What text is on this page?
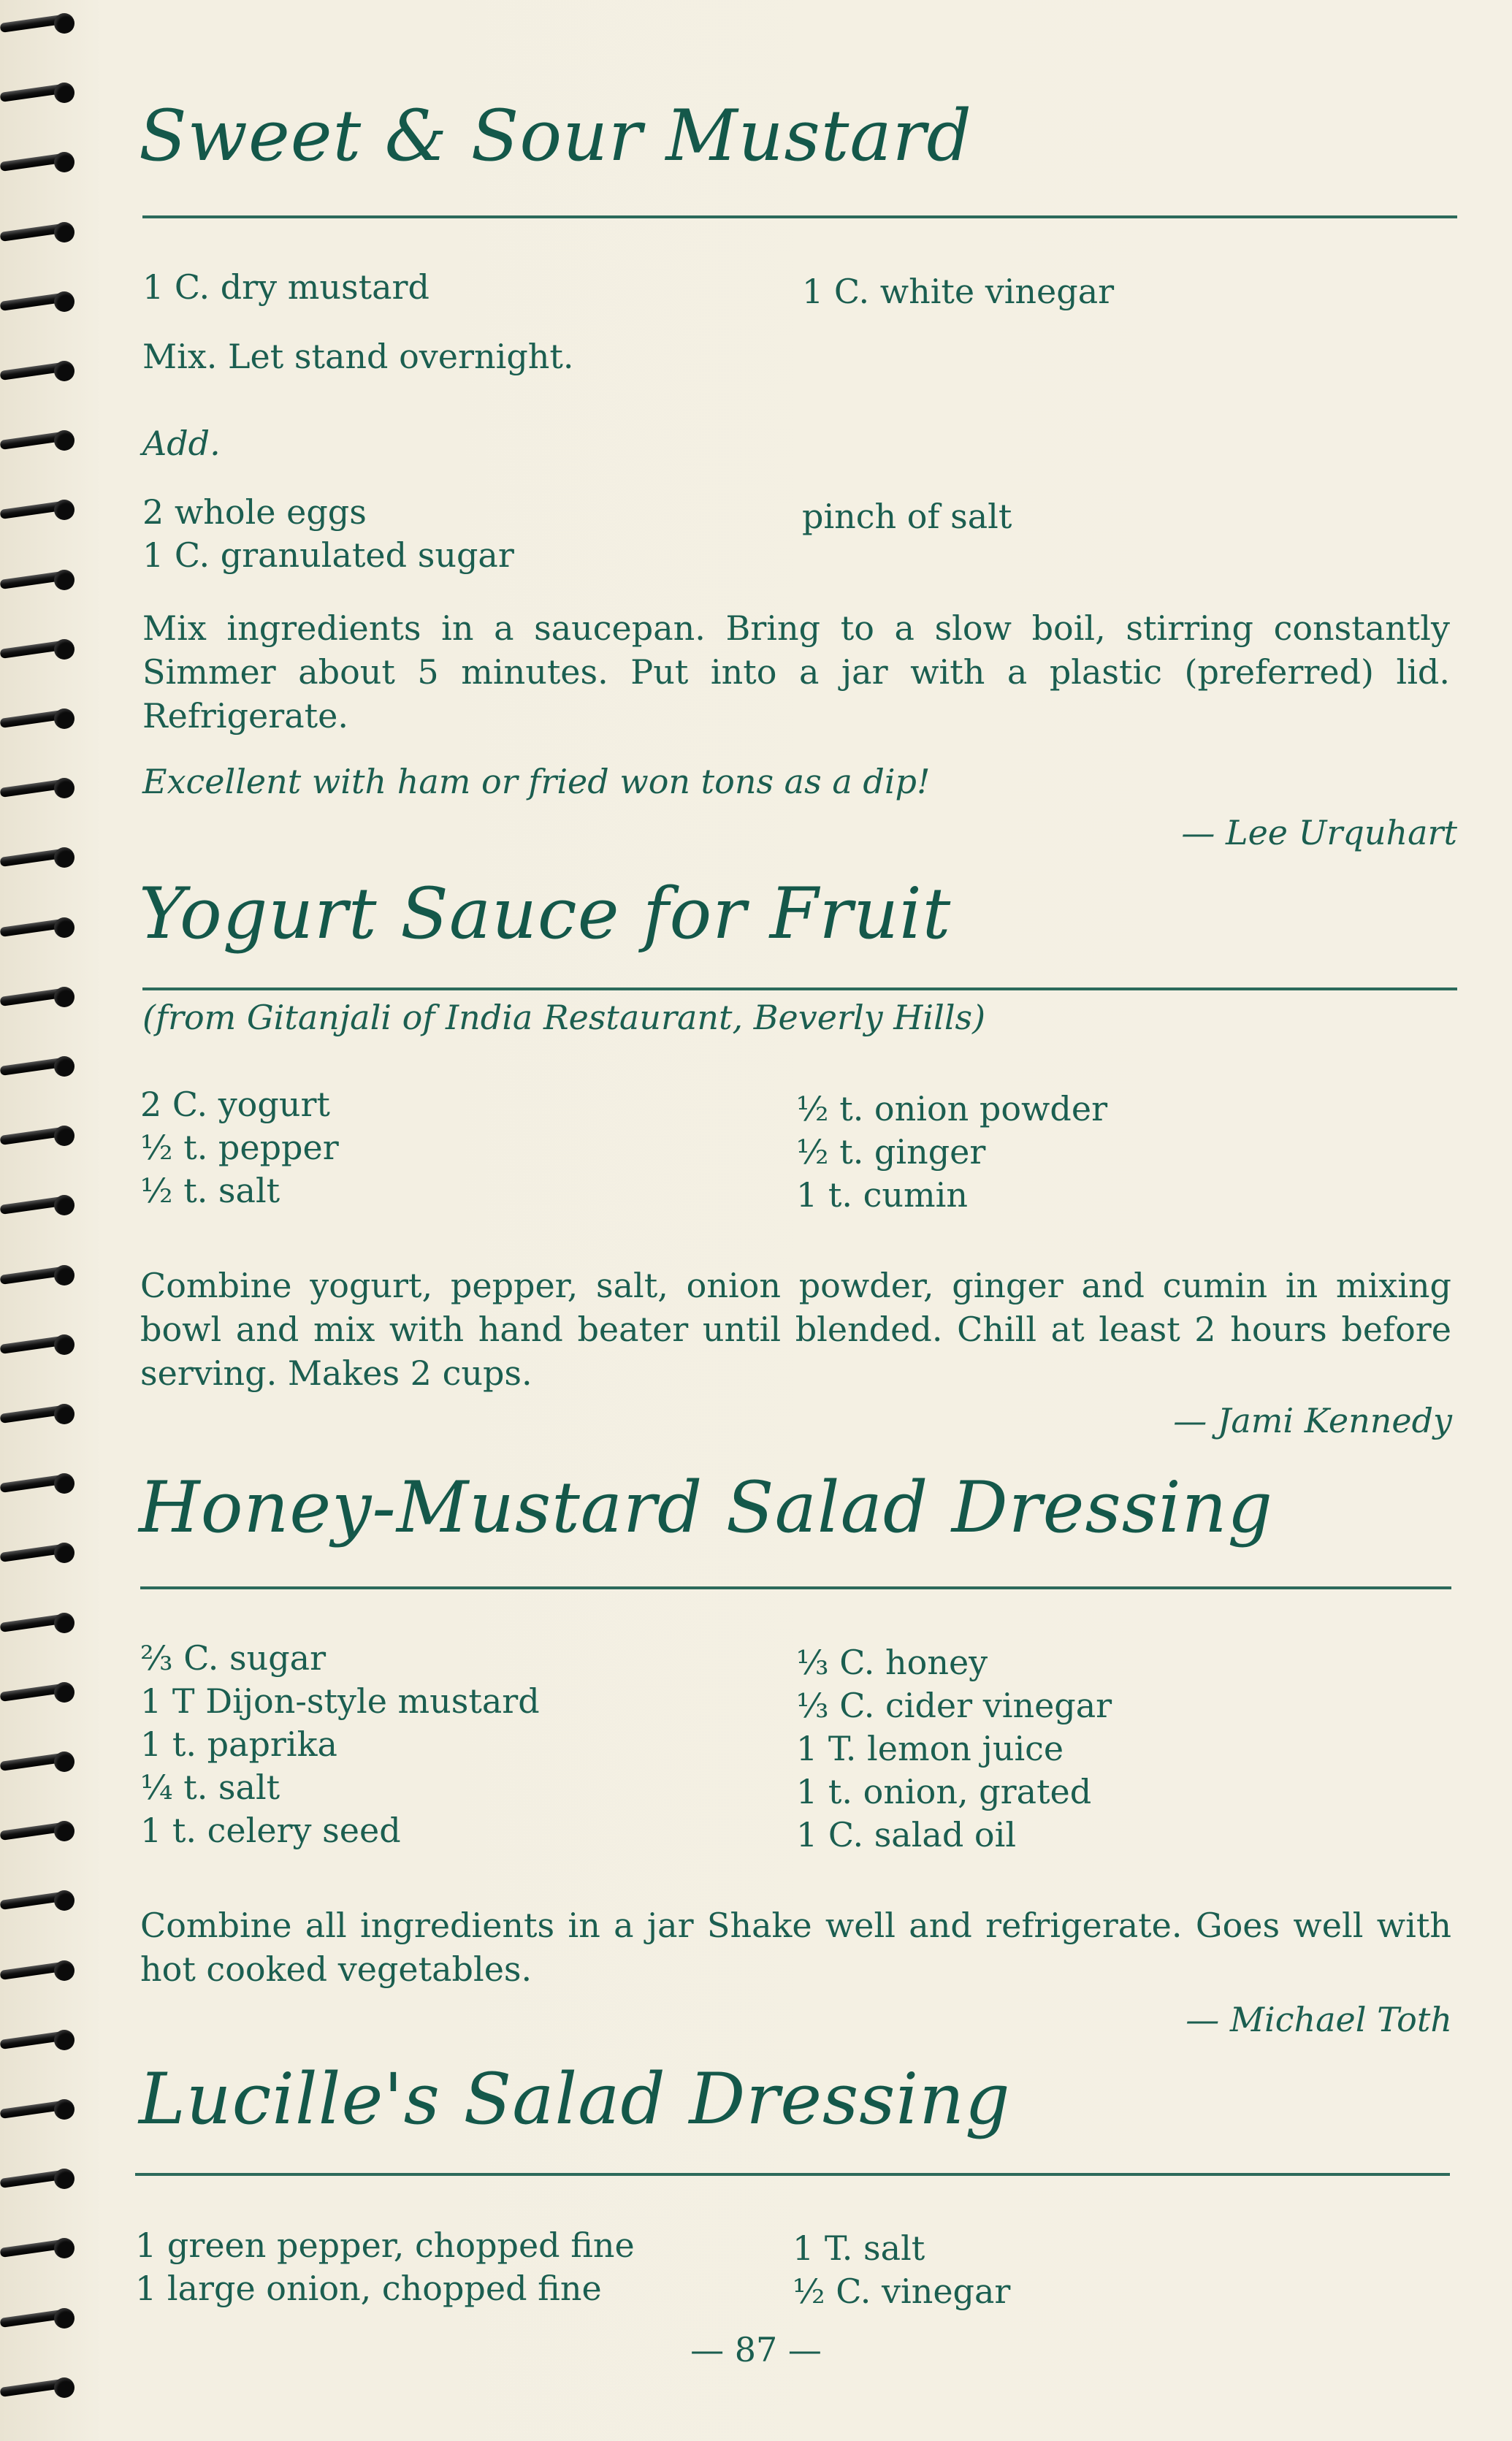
Sweet & Sour Mustard
1 C. dry mustard	1 C. white vinegar
Mix. Let stand overnight.
Add.
2 whole eggs
1 C. granulated sugar
pinch of salt
Mix ingredients in a saucepan. Bring to a slow boil, stirring constantly Simmer about 5 minutes. Put into a jar with a plastic (preferred) lid. Refrigerate.
Excellent with ham or fried won tons as a dip!
— Lee Urquhart
Yogurt Sauce for Fruit
(from Gitanjali of India Restaurant, Beverly Hills)
2 C. yogurt
½ t. pepper
½ t. salt
½ t. onion powder
½ t. ginger
1 t. cumin
Combine yogurt, pepper, salt, onion powder, ginger and cumin in mixing bowl and mix with hand beater until blended. Chill at least 2 hours before serving. Makes 2 cups.
— Jami Kennedy
Honey-Mustard Salad Dressing
⅔ C. sugar
1 T Dijon-style mustard
1 t. paprika
¼ t. salt
1 t. celery seed
⅓ C. honey
⅓ C. cider vinegar
1 T. lemon juice
1 t. onion, grated
1 C. salad oil
Combine all ingredients in a jar Shake well and refrigerate. Goes well with hot cooked vegetables.
— Michael Toth
Lucille's Salad Dressing
1 green pepper, chopped fine
1 large onion, chopped fine
1 T. salt
½ C. vinegar
— 87 —
